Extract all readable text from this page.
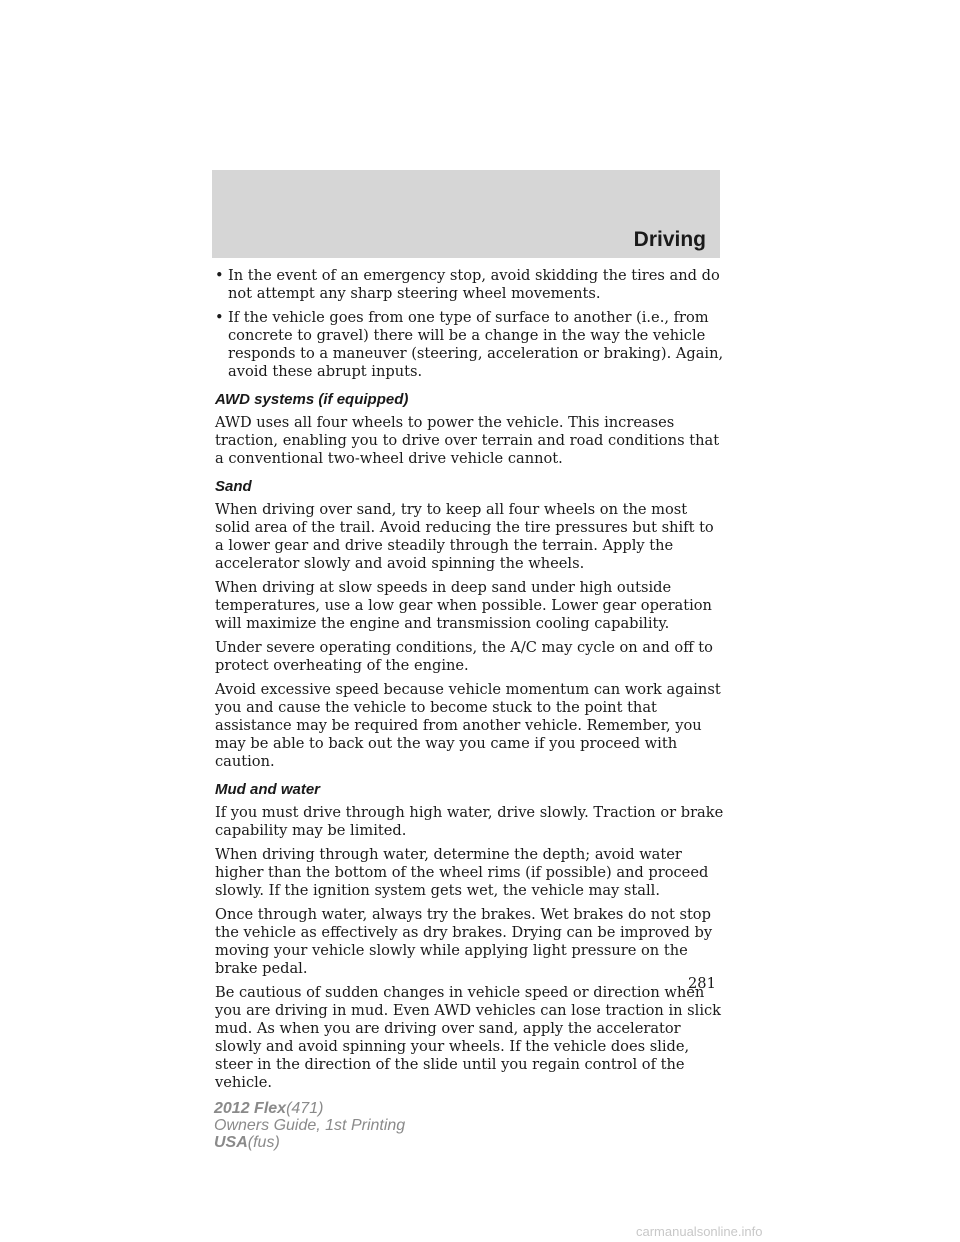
Driving
• In the event of an emergency stop, avoid skidding the tires and do not attempt any sharp steering wheel movements.
• If the vehicle goes from one type of surface to another (i.e., from concrete to gravel) there will be a change in the way the vehicle responds to a maneuver (steering, acceleration or braking). Again, avoid these abrupt inputs.
AWD systems (if equipped)

AWD uses all four wheels to power the vehicle. This increases traction, enabling you to drive over terrain and road conditions that a conventional two-wheel drive vehicle cannot.

Sand

When driving over sand, try to keep all four wheels on the most solid area of the trail. Avoid reducing the tire pressures but shift to a lower gear and drive steadily through the terrain. Apply the accelerator slowly and avoid spinning the wheels.

When driving at slow speeds in deep sand under high outside temperatures, use a low gear when possible. Lower gear operation will maximize the engine and transmission cooling capability.

Under severe operating conditions, the A/C may cycle on and off to protect overheating of the engine.

Avoid excessive speed because vehicle momentum can work against you and cause the vehicle to become stuck to the point that assistance may be required from another vehicle. Remember, you may be able to back out the way you came if you proceed with caution.

Mud and water

If you must drive through high water, drive slowly. Traction or brake capability may be limited.

When driving through water, determine the depth; avoid water higher than the bottom of the wheel rims (if possible) and proceed slowly. If the ignition system gets wet, the vehicle may stall.

Once through water, always try the brakes. Wet brakes do not stop the vehicle as effectively as dry brakes. Drying can be improved by moving your vehicle slowly while applying light pressure on the brake pedal.

Be cautious of sudden changes in vehicle speed or direction when you are driving in mud. Even AWD vehicles can lose traction in slick mud. As when you are driving over sand, apply the accelerator slowly and avoid spinning your wheels. If the vehicle does slide, steer in the direction of the slide until you regain control of the vehicle.

281
2012 Flex(471)
Owners Guide, 1st Printing
USA(fus)
carmanualsonline.info
